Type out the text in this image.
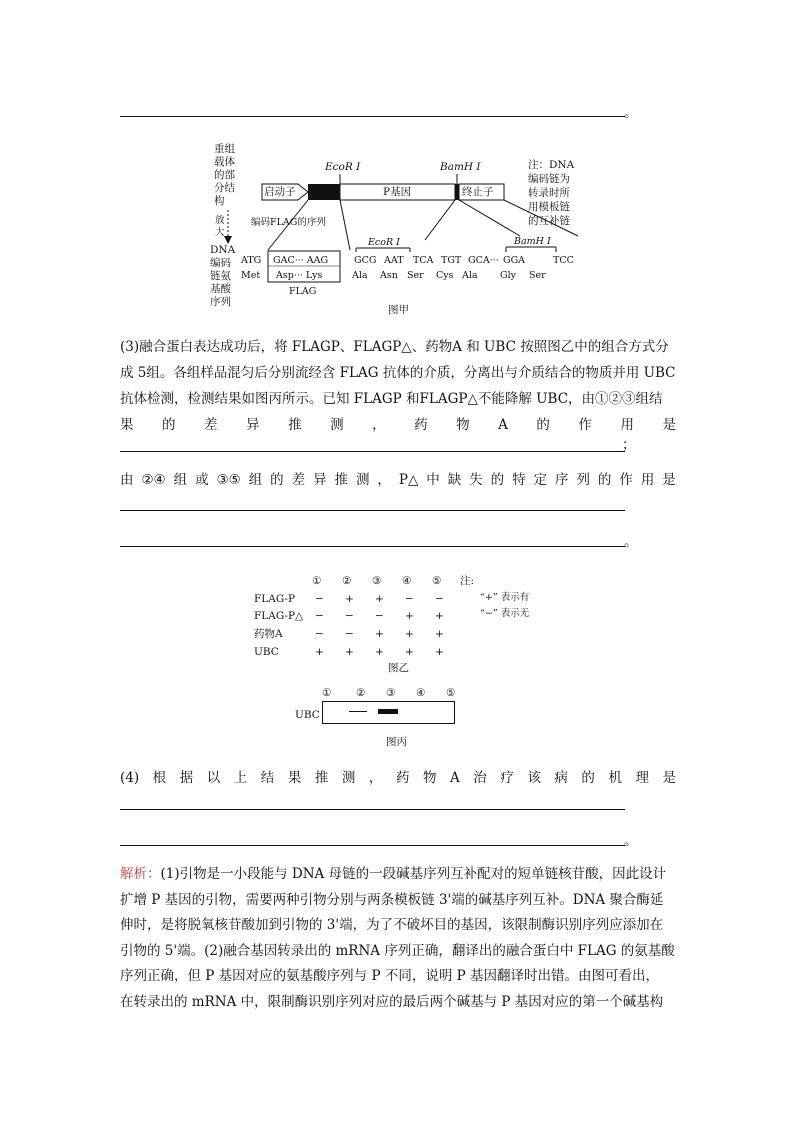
。
重组
载体
的部
分结
构
放
大
DNA
编码
链氨
基酸
序列
EcoR Ⅰ	BamH Ⅰ
启动子	P基因	终止子
编码FLAG的序列
注：DNA
编码链为
转录时所
用模板链
的互补链
EcoR Ⅰ	BamH Ⅰ
ATG GAC··· AAG	GCG AAT TCA TGT GCA··· GGA	TCC
Met Asp··· Lys	Ala Asn Ser Cys Ala Gly Ser
FLAG
图甲
(3)融合蛋白表达成功后，将 FLAGP、FLAGP△、药物A 和 UBC 按照图乙中的组合方式分
成 5组。各组样品混匀后分别流经含 FLAG 抗体的介质，分离出与介质结合的物质并用 UBC
抗体检测，检测结果如图丙所示。已知 FLAGP 和FLAGP△不能降解 UBC，由①②③组结
果 的 差 异 推 测 ， 药 物 A 的 作 用 是
；
由 ②④ 组 或 ③⑤ 组 的 差 异 推 测 ， P△ 中 缺 失 的 特 定 序 列 的 作 用 是
。
① ② ③ ④ ⑤ 注:
“+” 表示有
“−” 表示无
FLAG-P − + + − −
FLAG-P△ − − − + +
药物A	− − + + +
UBC	+ + + + +
图乙
① ② ③ ④ ⑤
UBC
图丙
(4) 根 据 以 上 结 果 推 测 ， 药 物 A 治 疗 该 病 的 机 理 是
。
解析：(1)引物是一小段能与 DNA 母链的一段碱基序列互补配对的短单链核苷酸，因此设计
扩增 P 基因的引物，需要两种引物分别与两条模板链 3'端的碱基序列互补。DNA 聚合酶延
伸时，是将脱氧核苷酸加到引物的 3'端，为了不破坏目的基因，该限制酶识别序列应添加在
引物的 5'端。(2)融合基因转录出的 mRNA 序列正确，翻译出的融合蛋白中 FLAG 的氨基酸
序列正确，但 P 基因对应的氨基酸序列与 P 不同，说明 P 基因翻译时出错。由图可看出，
在转录出的 mRNA 中，限制酶识别序列对应的最后两个碱基与 P 基因对应的第一个碱基构
